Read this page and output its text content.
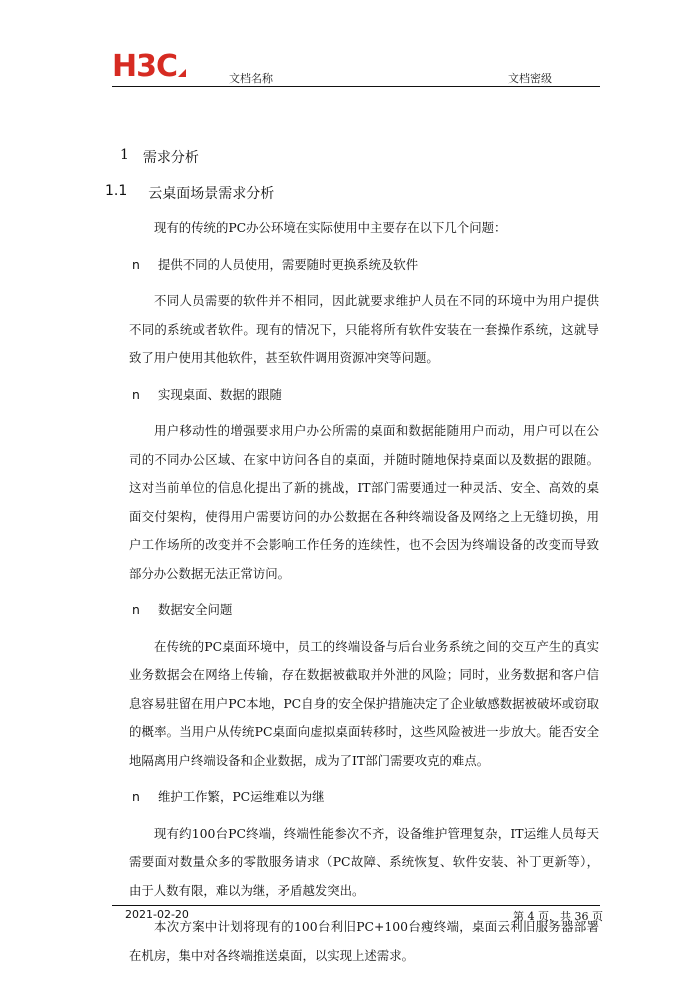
H3C	文档名称	文档密级
1 需求分析
1.1 云桌面场景需求分析

现有的传统的PC办公环境在实际使用中主要存在以下几个问题：

n	提供不同的人员使用，需要随时更换系统及软件

不同人员需要的软件并不相同，因此就要求维护人员在不同的环境中为用户提供不同的系统或者软件。现有的情况下，只能将所有软件安装在一套操作系统，这就导致了用户使用其他软件，甚至软件调用资源冲突等问题。

n	实现桌面、数据的跟随

用户移动性的增强要求用户办公所需的桌面和数据能随用户而动，用户可以在公司的不同办公区域、在家中访问各自的桌面，并随时随地保持桌面以及数据的跟随。这对当前单位的信息化提出了新的挑战，IT部门需要通过一种灵活、安全、高效的桌面交付架构，使得用户需要访问的办公数据在各种终端设备及网络之上无缝切换，用户工作场所的改变并不会影响工作任务的连续性，也不会因为终端设备的改变而导致部分办公数据无法正常访问。

n	数据安全问题

在传统的PC桌面环境中，员工的终端设备与后台业务系统之间的交互产生的真实业务数据会在网络上传输，存在数据被截取并外泄的风险；同时，业务数据和客户信息容易驻留在用户PC本地，PC自身的安全保护措施决定了企业敏感数据被破坏或窃取的概率。当用户从传统PC桌面向虚拟桌面转移时，这些风险被进一步放大。能否安全地隔离用户终端设备和企业数据，成为了IT部门需要攻克的难点。

n	维护工作繁，PC运维难以为继

现有约100台PC终端，终端性能参次不齐，设备维护管理复杂，IT运维人员每天需要面对数量众多的零散服务请求（PC故障、系统恢复、软件安装、补丁更新等），由于人数有限，难以为继，矛盾越发突出。

本次方案中计划将现有的100台利旧PC+100台瘦终端，桌面云利旧服务器部署在机房，集中对各终端推送桌面，以实现上述需求。

2021-02-20	第 4 页，共 36 页
